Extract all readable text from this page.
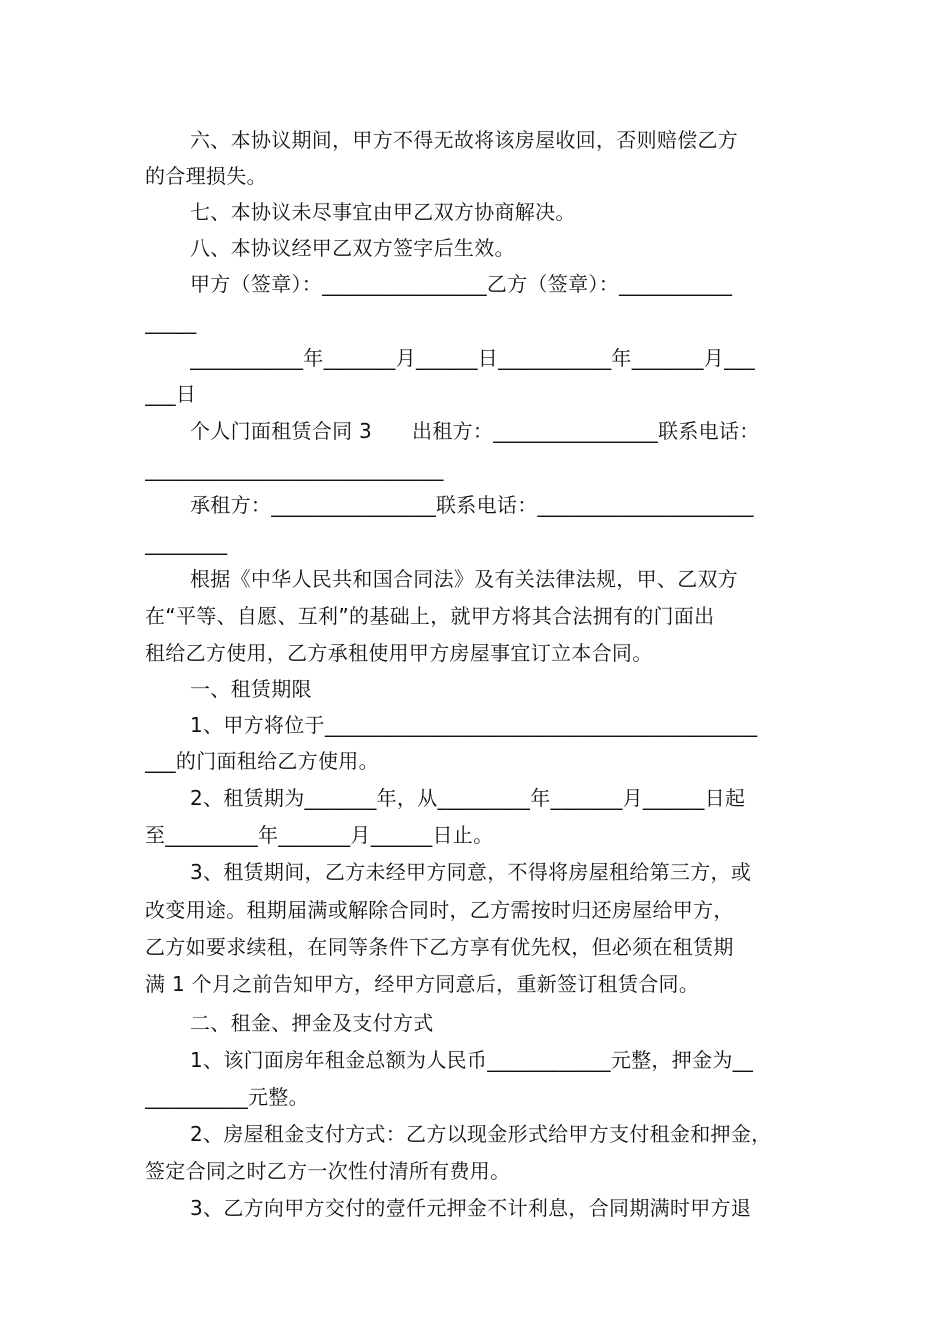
六、本协议期间，甲方不得无故将该房屋收回，否则赔偿乙方
的合理损失。
七、本协议未尽事宜由甲乙双方协商解决。
八、本协议经甲乙双方签字后生效。
甲方（签章）：________________乙方（签章）：___________
_____
___________年_______月______日___________年_______月___
___日
个人门面租赁合同 3      出租方：________________联系电话：
_____________________________
承租方：________________联系电话：_____________________
________
根据《中华人民共和国合同法》及有关法律法规，甲、乙双方
在“平等、自愿、互利”的基础上，就甲方将其合法拥有的门面出
租给乙方使用，乙方承租使用甲方房屋事宜订立本合同。
一、租赁期限
1、甲方将位于__________________________________________
___的门面租给乙方使用。
2、租赁期为_______年，从_________年_______月______日起
至_________年_______月______日止。
3、租赁期间，乙方未经甲方同意，不得将房屋租给第三方，或
改变用途。租期届满或解除合同时，乙方需按时归还房屋给甲方，
乙方如要求续租，在同等条件下乙方享有优先权，但必须在租赁期
满 1 个月之前告知甲方，经甲方同意后，重新签订租赁合同。
二、租金、押金及支付方式
1、该门面房年租金总额为人民币____________元整，押金为__
__________元整。
2、房屋租金支付方式：乙方以现金形式给甲方支付租金和押金，
签定合同之时乙方一次性付清所有费用。
3、乙方向甲方交付的壹仟元押金不计利息，合同期满时甲方退
